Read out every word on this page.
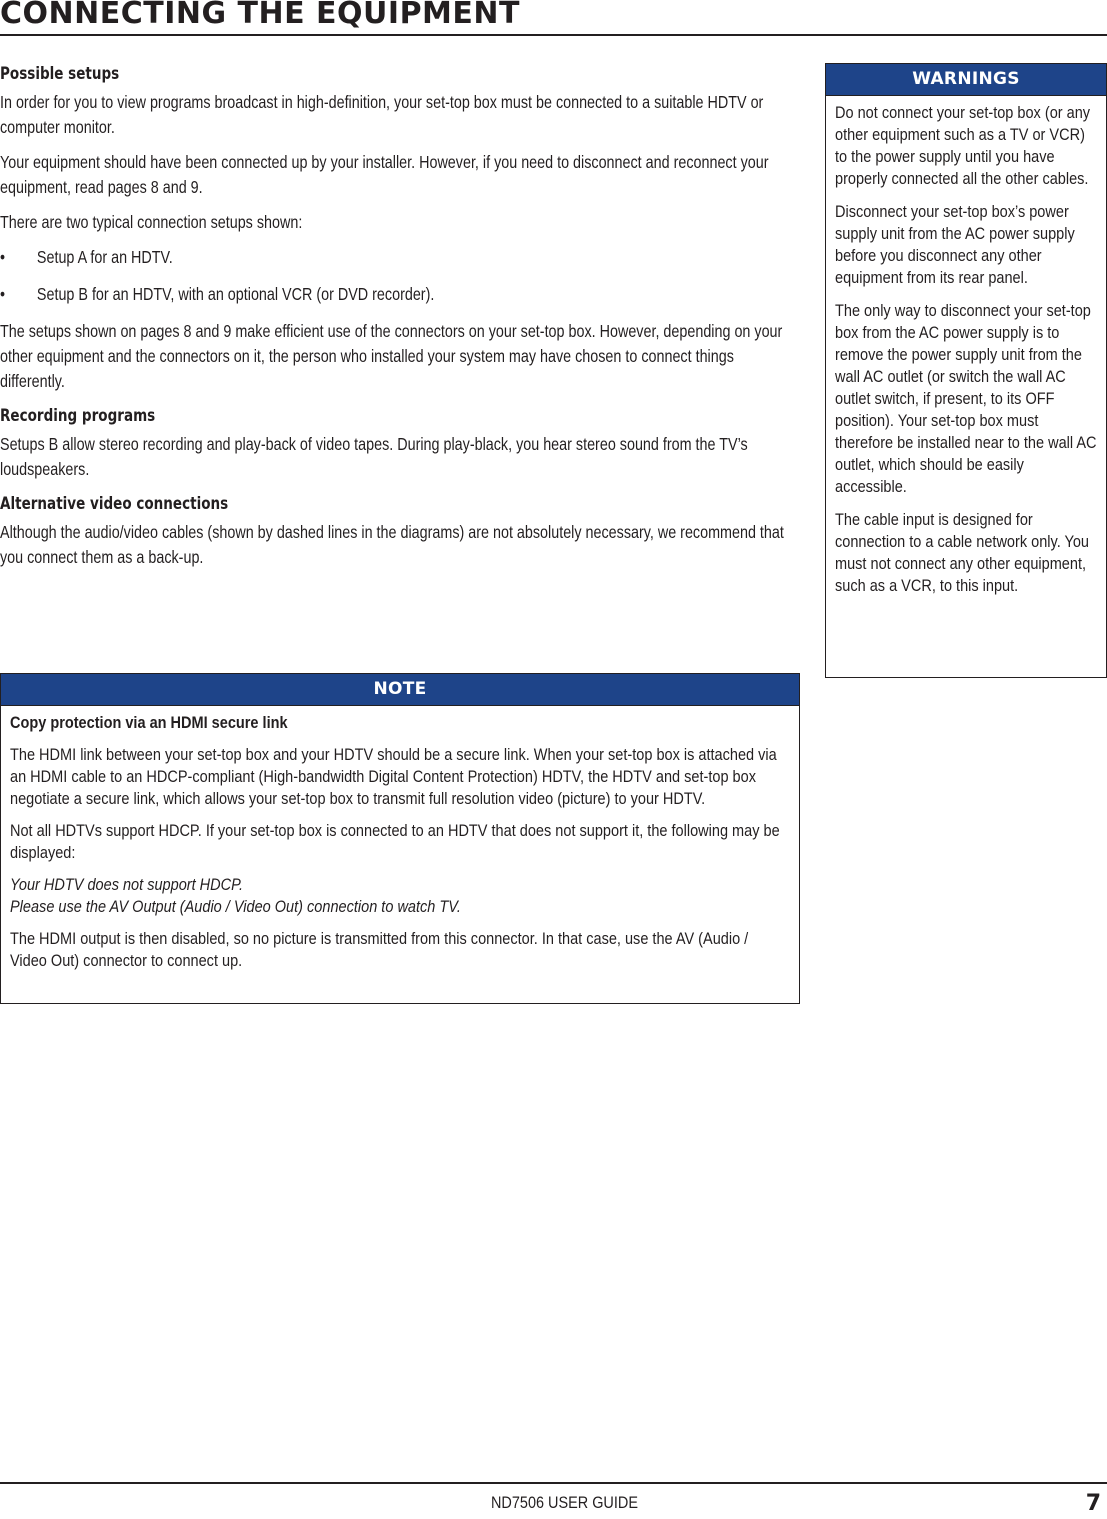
CONNECTING THE EQUIPMENT
Possible setups

In order for you to view programs broadcast in high-definition, your set-top box must be connected to a suitable HDTV or computer monitor.

Your equipment should have been connected up by your installer. However, if you need to disconnect and reconnect your equipment, read pages 8 and 9.

There are two typical connection setups shown:

• Setup A for an HDTV.
• Setup B for an HDTV, with an optional VCR (or DVD recorder).

The setups shown on pages 8 and 9 make efficient use of the connectors on your set-top box. However, depending on your other equipment and the connectors on it, the person who installed your system may have chosen to connect things differently.

Recording programs

Setups B allow stereo recording and play-back of video tapes. During play-black, you hear stereo sound from the TV’s loudspeakers.

Alternative video connections

Although the audio/video cables (shown by dashed lines in the diagrams) are not absolutely necessary, we recommend that you connect them as a back-up.

WARNINGS

Do not connect your set-top box (or any other equipment such as a TV or VCR) to the power supply until you have properly connected all the other cables.

Disconnect your set-top box’s power supply unit from the AC power supply before you disconnect any other equipment from its rear panel.

The only way to disconnect your set-top box from the AC power supply is to remove the power supply unit from the wall AC outlet (or switch the wall AC outlet switch, if present, to its OFF position). Your set-top box must therefore be installed near to the wall AC outlet, which should be easily accessible.

The cable input is designed for connection to a cable network only. You must not connect any other equipment, such as a VCR, to this input.

NOTE
Copy protection via an HDMI secure link

The HDMI link between your set-top box and your HDTV should be a secure link. When your set-top box is attached via an HDMI cable to an HDCP-compliant (High-bandwidth Digital Content Protection) HDTV, the HDTV and set-top box negotiate a secure link, which allows your set-top box to transmit full resolution video (picture) to your HDTV.

Not all HDTVs support HDCP. If your set-top box is connected to an HDTV that does not support it, the following may be displayed:

Your HDTV does not support HDCP.
Please use the AV Output (Audio / Video Out) connection to watch TV.

The HDMI output is then disabled, so no picture is transmitted from this connector. In that case, use the AV (Audio / Video Out) connector to connect up.

ND7506 USER GUIDE	7
